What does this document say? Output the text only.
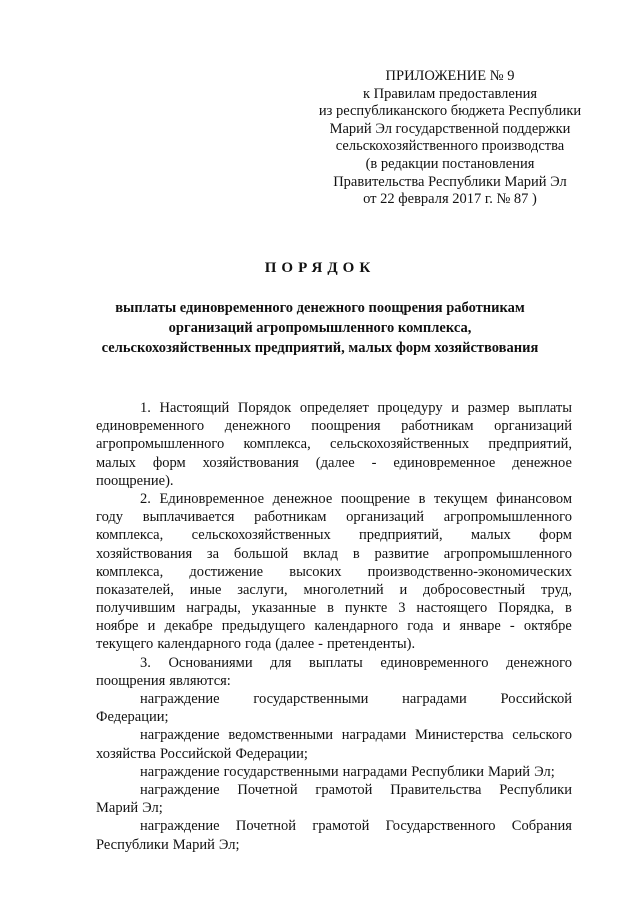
ПРИЛОЖЕНИЕ № 9
к Правилам предоставления
из республиканского бюджета Республики
Марий Эл государственной поддержки
сельскохозяйственного производства
(в редакции постановления
Правительства Республики Марий Эл
от 22 февраля 2017 г. № 87 )
ПОРЯДОК
выплаты единовременного денежного поощрения работникам
организаций агропромышленного комплекса,
сельскохозяйственных предприятий, малых форм хозяйствования
1. Настоящий Порядок определяет процедуру и размер выплаты
единовременного денежного поощрения работникам организаций
агропромышленного комплекса, сельскохозяйственных предприятий,
малых форм хозяйствования (далее - единовременное денежное
поощрение).
2. Единовременное денежное поощрение в текущем финансовом
году выплачивается работникам организаций агропромышленного
комплекса, сельскохозяйственных предприятий, малых форм
хозяйствования за большой вклад в развитие агропромышленного
комплекса, достижение высоких производственно-экономических
показателей, иные заслуги, многолетний и добросовестный труд,
получившим награды, указанные в пункте 3 настоящего Порядка, в
ноябре и декабре предыдущего календарного года и январе - октябре
текущего календарного года (далее - претенденты).
3. Основаниями для выплаты единовременного денежного
поощрения являются:
награждение государственными наградами Российской
Федерации;
награждение ведомственными наградами Министерства сельского
хозяйства Российской Федерации;
награждение государственными наградами Республики Марий Эл;
награждение Почетной грамотой Правительства Республики
Марий Эл;
награждение Почетной грамотой Государственного Собрания
Республики Марий Эл;
